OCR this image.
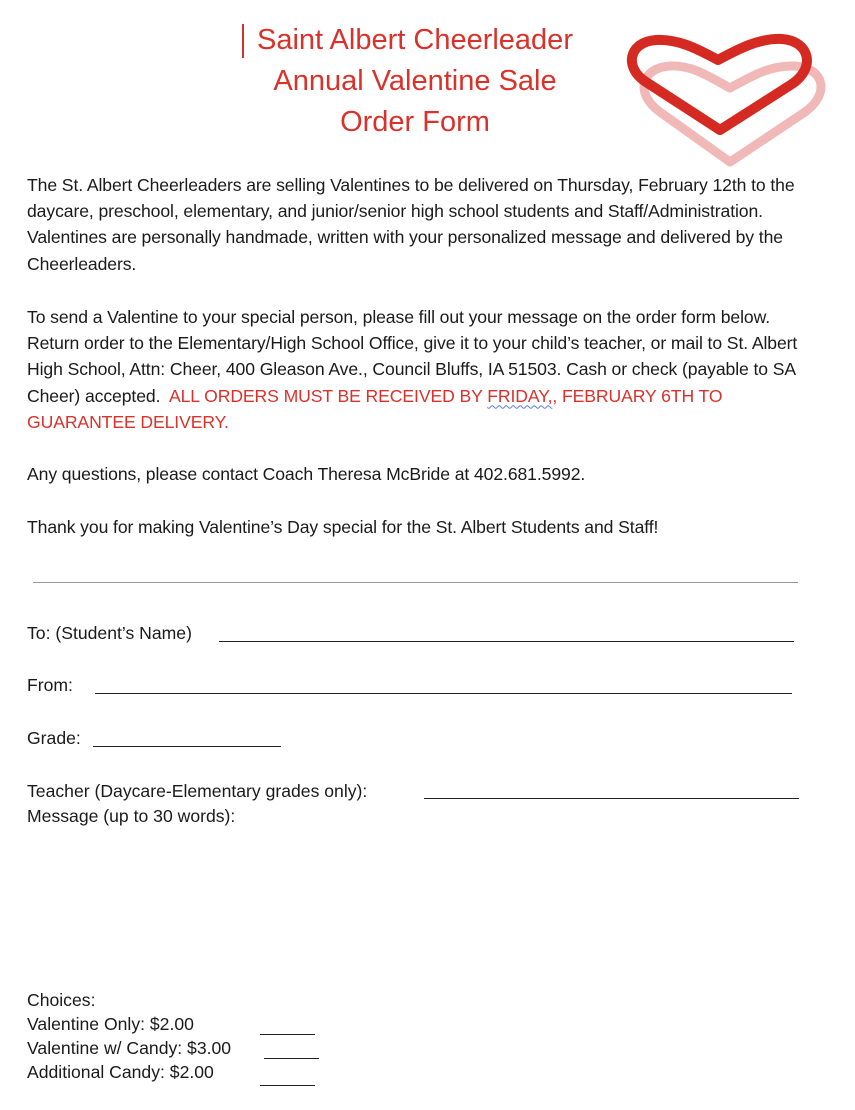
Saint Albert Cheerleader
Annual Valentine Sale
Order Form
The St. Albert Cheerleaders are selling Valentines to be delivered on Thursday, February 12th to the daycare, preschool, elementary, and junior/senior high school students and Staff/Administration. Valentines are personally handmade, written with your personalized message and delivered by the Cheerleaders.
To send a Valentine to your special person, please fill out your message on the order form below. Return order to the Elementary/High School Office, give it to your child’s teacher, or mail to St. Albert High School, Attn: Cheer, 400 Gleason Ave., Council Bluffs, IA 51503. Cash or check (payable to SA Cheer) accepted. ALL ORDERS MUST BE RECEIVED BY FRIDAY,, FEBRUARY 6TH TO GUARANTEE DELIVERY.
Any questions, please contact Coach Theresa McBride at 402.681.5992.
Thank you for making Valentine’s Day special for the St. Albert Students and Staff!
To: (Student’s Name)
From:
Grade:
Teacher (Daycare-Elementary grades only):
Message (up to 30 words):
Choices:
Valentine Only: $2.00
Valentine w/ Candy: $3.00
Additional Candy: $2.00
